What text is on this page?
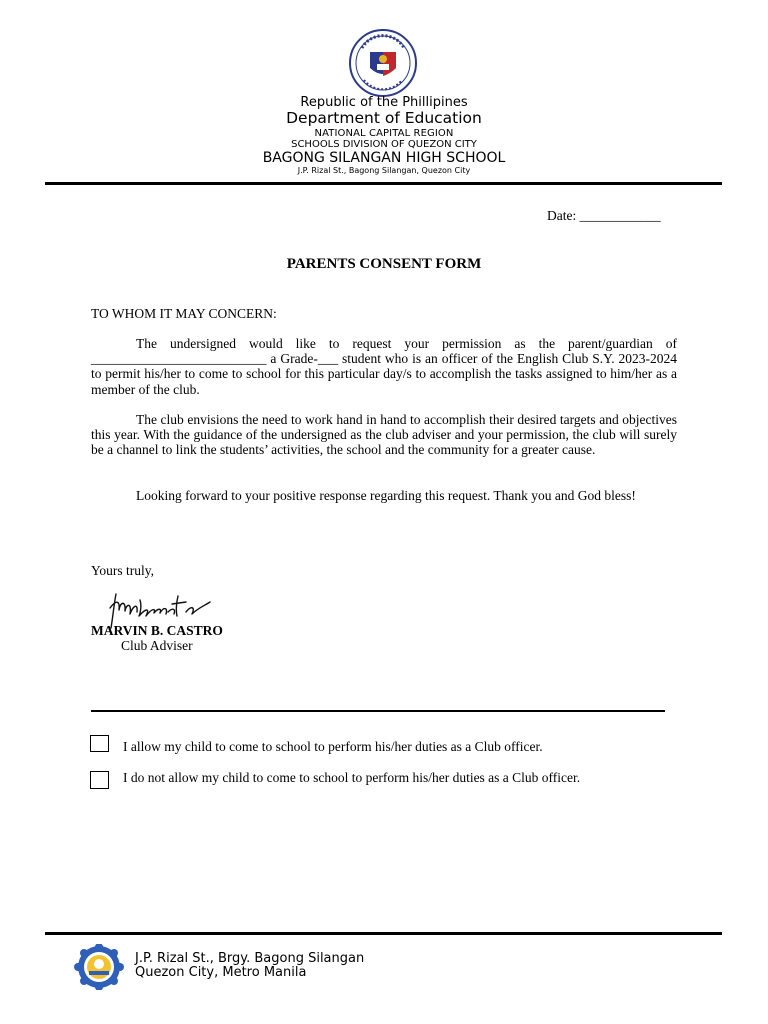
Republic of the Phillipines
Department of Education
NATIONAL CAPITAL REGION
SCHOOLS DIVISION OF QUEZON CITY
BAGONG SILANGAN HIGH SCHOOL
J.P. Rizal St., Bagong Silangan, Quezon City
Date: ____________
PARENTS CONSENT FORM
TO WHOM IT MAY CONCERN:

The undersigned would like to request your permission as the parent/guardian of __________________________ a Grade-___ student who is an officer of the English Club S.Y. 2023-2024 to permit his/her to come to school for this particular day/s to accomplish the tasks assigned to him/her as a member of the club.

The club envisions the need to work hand in hand to accomplish their desired targets and objectives this year. With the guidance of the undersigned as the club adviser and your permission, the club will surely be a channel to link the students’ activities, the school and the community for a greater cause.

Looking forward to your positive response regarding this request. Thank you and God bless!

Yours truly,
MARVIN B. CASTRO
Club Adviser
I allow my child to come to school to perform his/her duties as a Club officer.
I do not allow my child to come to school to perform his/her duties as a Club officer.
J.P. Rizal St., Brgy. Bagong Silangan
Quezon City, Metro Manila
